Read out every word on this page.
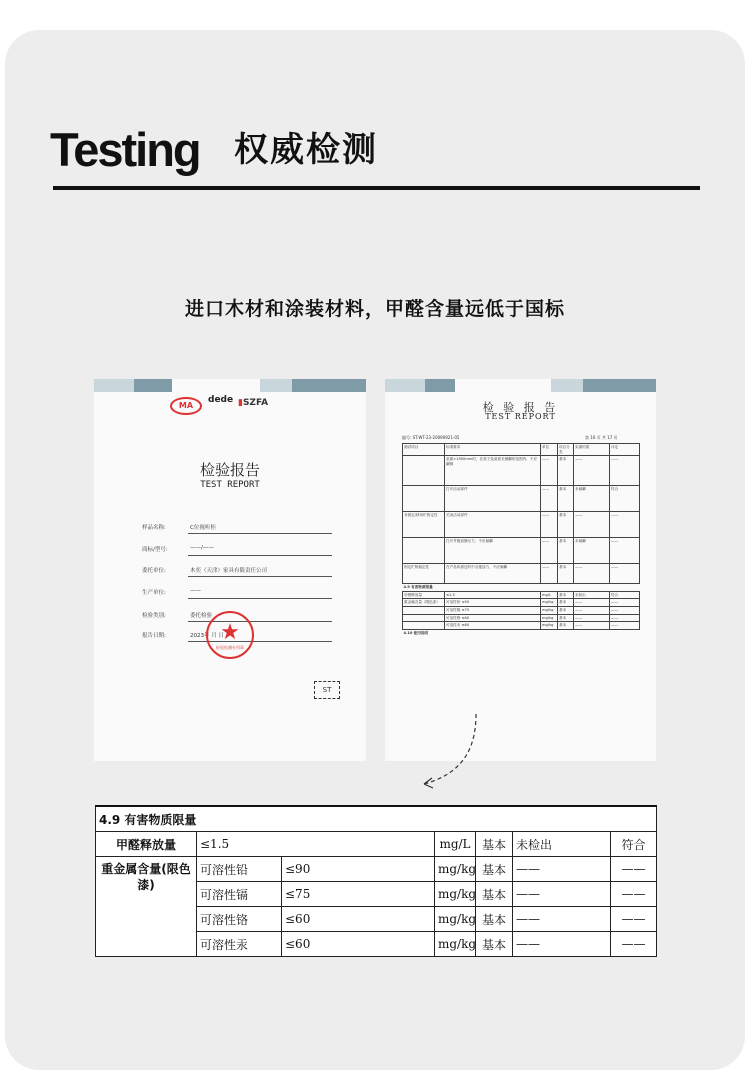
Testing 权威检测
进口木材和涂装材料，甲醛含量远低于国标
MA
dede ▮SZFA
检验报告
TEST REPORT
样品名称:	C位视听柜
商标/型号:	——/——
委托单位:	木奕（天津）家具有限责任公司
生产单位:	——
检验类别:	委托检验
报告日期:	2023年 月 日
★
检验检测专用章
ST
检 验 报 告
TEST REPORT
编号: ST-WT-23-20090921-05	第 16 页 共 17 页
测试项目	标准要求	单位	项目分类	实测结果	评定
	桌面>1900mm时，在桌子及桌面长侧翻的范围内，不应翻倒	——	基本	——	——
	打开活动部件	——	基本	未倾翻	符合
非固定/移动贮物定性	关闭活动部件	——	基本	——	——
	打开并施加静压力，不应倾翻	——	基本	未倾翻	——
固定贮物稳定性	在产品所靠近的中点施加力，不应倾翻	——	基本	——	——
4.9 有害物质限量					
甲醛释放量	≤1.5	mg/L	基本	未检出	符合
重金属含量（限色漆）	可溶性铅 ≤90	mg/kg	基本	——	——
	可溶性镉 ≤75	mg/kg	基本	——	——
	可溶性铬 ≤60	mg/kg	基本	——	——
	可溶性汞 ≤60	mg/kg	基本	——	——
4.10 使用说明					
4.9 有害物质限量						
甲醛释放量	≤1.5		mg/L	基本	未检出	符合
重金属含量(限色漆)	可溶性铅	≤90	mg/kg	基本	——	——
	可溶性镉	≤75	mg/kg	基本	——	——
	可溶性铬	≤60	mg/kg	基本	——	——
	可溶性汞	≤60	mg/kg	基本	——	——
